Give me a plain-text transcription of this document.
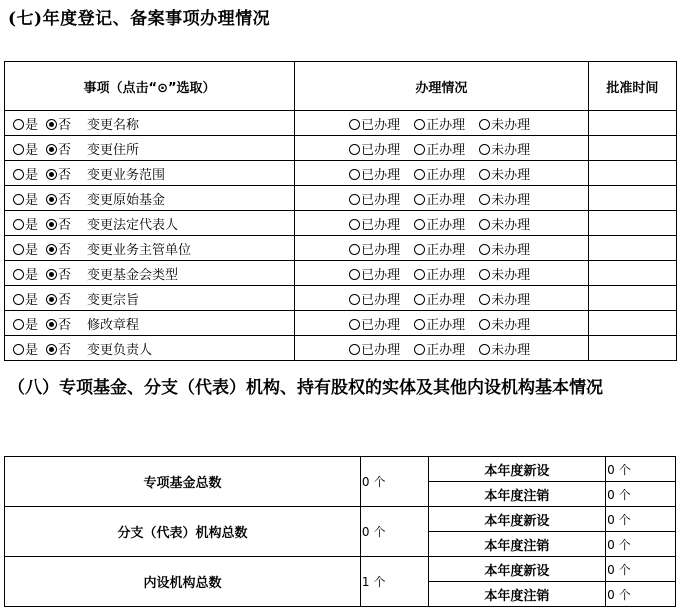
(七)年度登记、备案事项办理情况
事项（点击“⊙”选取）	办理情况	批准时间
是 否 变更名称	已办理 正办理 未办理	
是 否 变更住所	已办理 正办理 未办理	
是 否 变更业务范围	已办理 正办理 未办理	
是 否 变更原始基金	已办理 正办理 未办理	
是 否 变更法定代表人	已办理 正办理 未办理	
是 否 变更业务主管单位	已办理 正办理 未办理	
是 否 变更基金会类型	已办理 正办理 未办理	
是 否 变更宗旨	已办理 正办理 未办理	
是 否 修改章程	已办理 正办理 未办理	
是 否 变更负责人	已办理 正办理 未办理	
（八）专项基金、分支（代表）机构、持有股权的实体及其他内设机构基本情况
专项基金总数	0 个	本年度新设	0 个
		本年度注销	0 个
分支（代表）机构总数	0 个	本年度新设	0 个
		本年度注销	0 个
内设机构总数	1 个	本年度新设	0 个
		本年度注销	0 个
